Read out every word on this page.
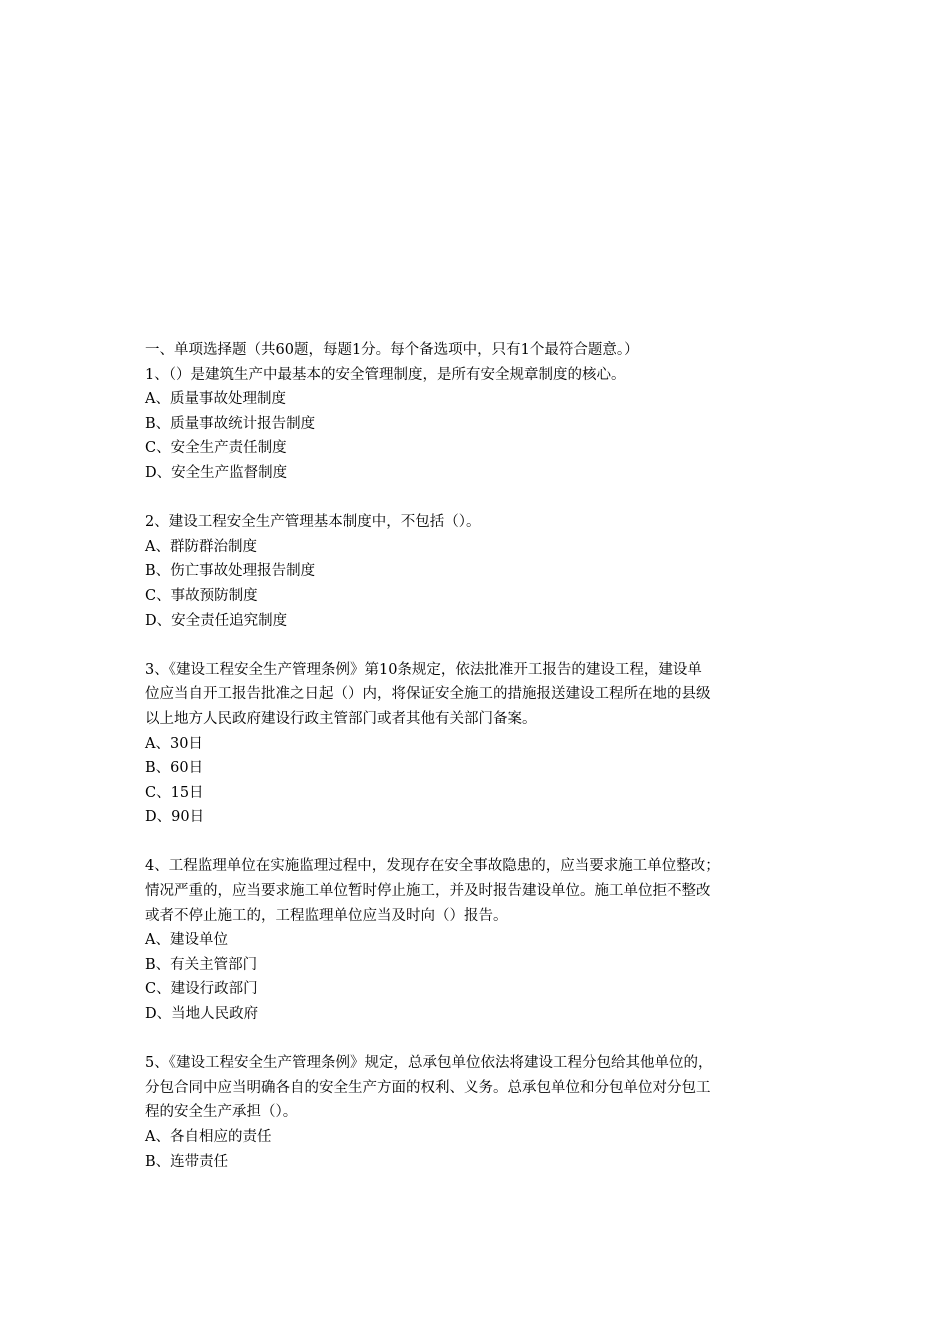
一、单项选择题（共60题，每题1分。每个备选项中，只有1个最符合题意。）
1、（）是建筑生产中最基本的安全管理制度，是所有安全规章制度的核心。
A、质量事故处理制度
B、质量事故统计报告制度
C、安全生产责任制度
D、安全生产监督制度
2、建设工程安全生产管理基本制度中，不包括（）。
A、群防群治制度
B、伤亡事故处理报告制度
C、事故预防制度
D、安全责任追究制度
3、《建设工程安全生产管理条例》第10条规定，依法批准开工报告的建设工程，建设单
位应当自开工报告批准之日起（）内，将保证安全施工的措施报送建设工程所在地的县级
以上地方人民政府建设行政主管部门或者其他有关部门备案。
A、30日
B、60日
C、15日
D、90日
4、工程监理单位在实施监理过程中，发现存在安全事故隐患的，应当要求施工单位整改；
情况严重的，应当要求施工单位暂时停止施工，并及时报告建设单位。施工单位拒不整改
或者不停止施工的，工程监理单位应当及时向（）报告。
A、建设单位
B、有关主管部门
C、建设行政部门
D、当地人民政府
5、《建设工程安全生产管理条例》规定，总承包单位依法将建设工程分包给其他单位的，
分包合同中应当明确各自的安全生产方面的权利、义务。总承包单位和分包单位对分包工
程的安全生产承担（）。
A、各自相应的责任
B、连带责任
